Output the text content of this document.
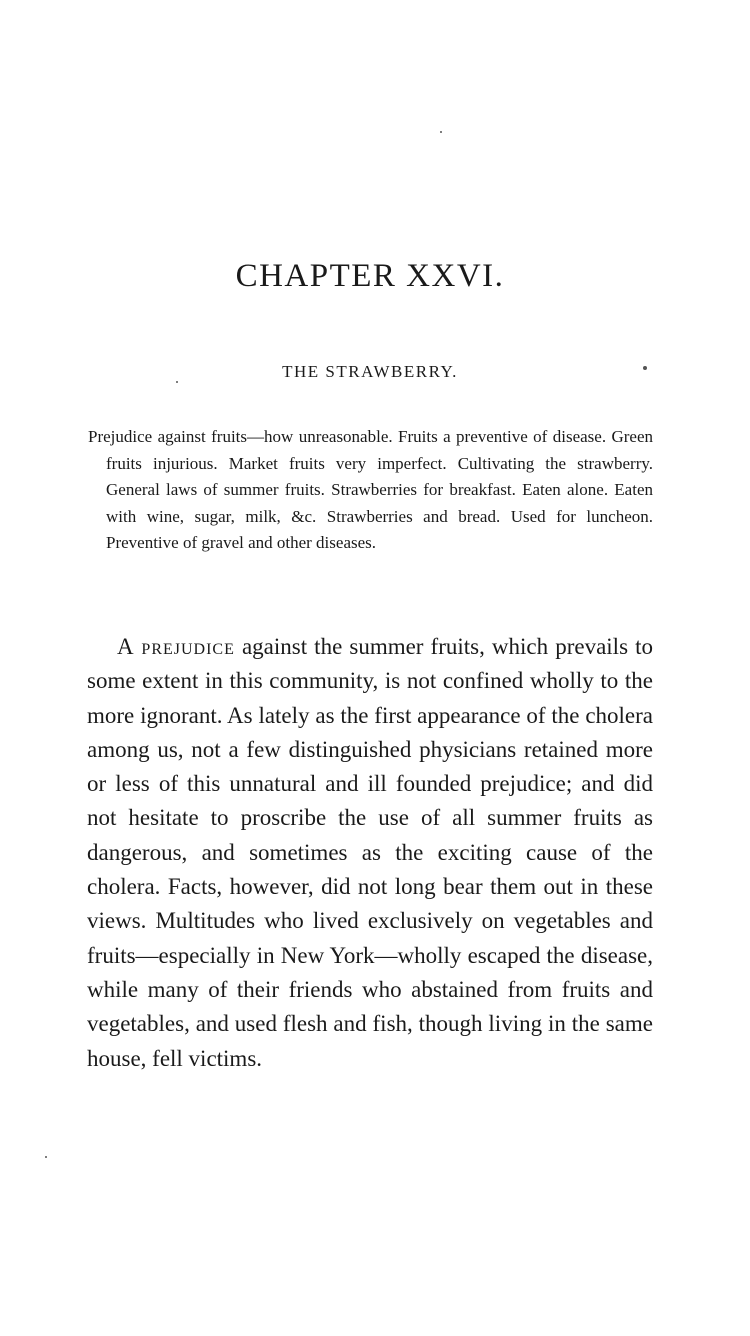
CHAPTER XXVI.
THE STRAWBERRY.

Prejudice against fruits—how unreasonable. Fruits a preventive of disease. Green fruits injurious. Market fruits very imperfect. Cultivating the strawberry. General laws of summer fruits. Strawberries for breakfast. Eaten alone. Eaten with wine, sugar, milk, &c. Strawberries and bread. Used for luncheon. Preventive of gravel and other diseases.

A prejudice against the summer fruits, which prevails to some extent in this community, is not confined wholly to the more ignorant. As lately as the first appearance of the cholera among us, not a few distinguished physicians retained more or less of this unnatural and ill founded prejudice; and did not hesitate to proscribe the use of all summer fruits as dangerous, and sometimes as the exciting cause of the cholera. Facts, however, did not long bear them out in these views. Multitudes who lived exclusively on vegetables and fruits—especially in New York—wholly escaped the disease, while many of their friends who abstained from fruits and vegetables, and used flesh and fish, though living in the same house, fell victims.
